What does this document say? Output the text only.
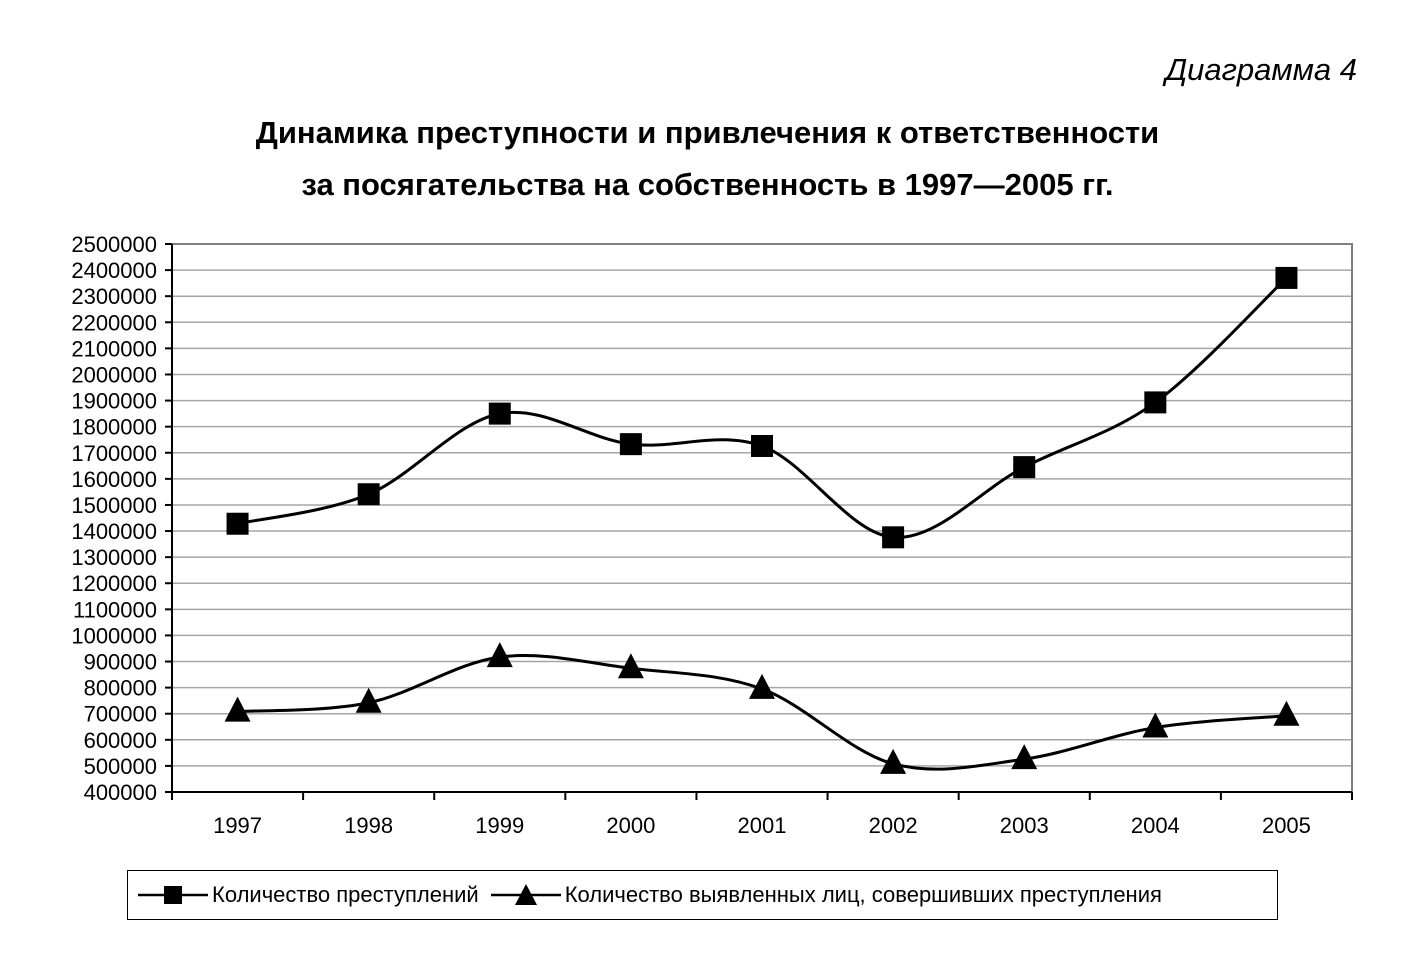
Диаграмма 4
Динамика преступности и привлечения к ответственности
за посягательства на собственность в 1997—2005 гг.
400000
500000
600000
700000
800000
900000
1000000
1100000
1200000
1300000
1400000
1500000
1600000
1700000
1800000
1900000
2000000
2100000
2200000
2300000
2400000
2500000
1997	1998	1999	2000	2001	2002	2003	2004	2005
Количество преступлений	Количество выявленных лиц, совершивших преступления
